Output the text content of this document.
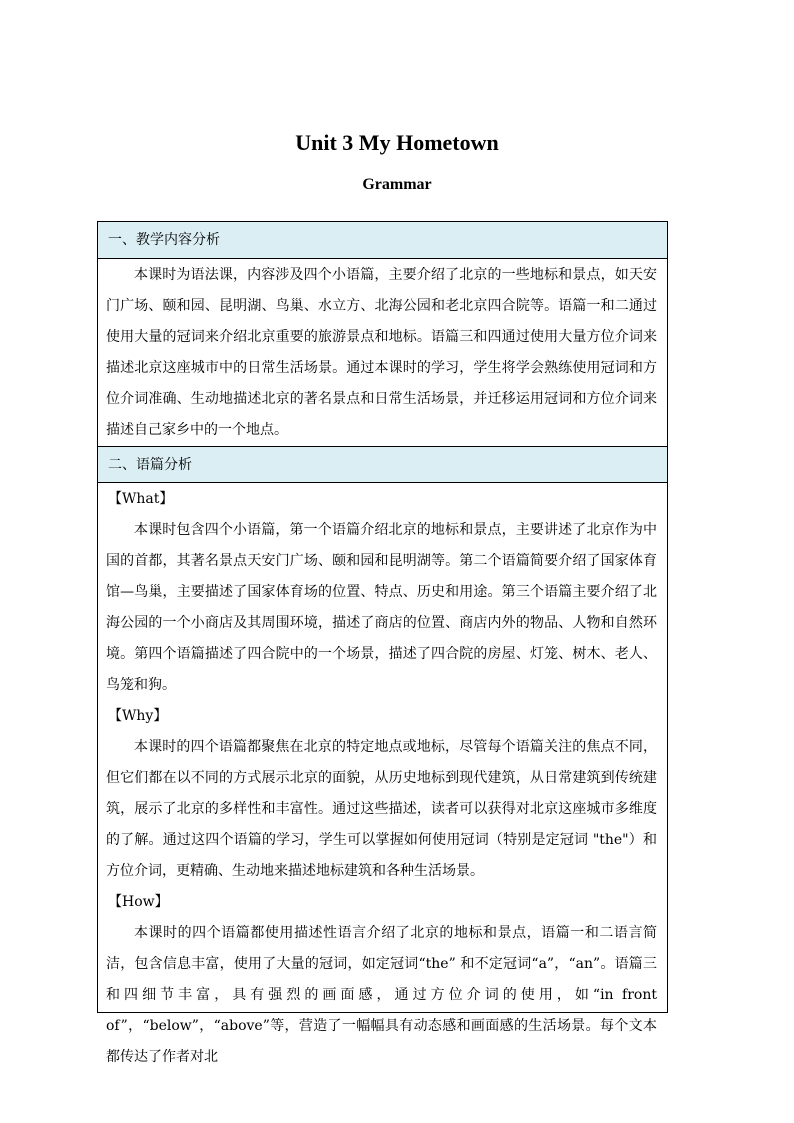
Unit 3 My Hometown
Grammar
一、教学内容分析

本课时为语法课，内容涉及四个小语篇，主要介绍了北京的一些地标和景点，如天安门广场、颐和园、昆明湖、鸟巢、水立方、北海公园和老北京四合院等。语篇一和二通过使用大量的冠词来介绍北京重要的旅游景点和地标。语篇三和四通过使用大量方位介词来描述北京这座城市中的日常生活场景。通过本课时的学习，学生将学会熟练使用冠词和方位介词准确、生动地描述北京的著名景点和日常生活场景，并迁移运用冠词和方位介词来描述自己家乡中的一个地点。

二、语篇分析

【What】

本课时包含四个小语篇，第一个语篇介绍北京的地标和景点，主要讲述了北京作为中国的首都，其著名景点天安门广场、颐和园和昆明湖等。第二个语篇简要介绍了国家体育馆—鸟巢，主要描述了国家体育场的位置、特点、历史和用途。第三个语篇主要介绍了北海公园的一个小商店及其周围环境，描述了商店的位置、商店内外的物品、人物和自然环境。第四个语篇描述了四合院中的一个场景，描述了四合院的房屋、灯笼、树木、老人、鸟笼和狗。

【Why】

本课时的四个语篇都聚焦在北京的特定地点或地标，尽管每个语篇关注的焦点不同，但它们都在以不同的方式展示北京的面貌，从历史地标到现代建筑，从日常建筑到传统建筑，展示了北京的多样性和丰富性。通过这些描述，读者可以获得对北京这座城市多维度的了解。通过这四个语篇的学习，学生可以掌握如何使用冠词（特别是定冠词 "the"）和方位介词，更精确、生动地来描述地标建筑和各种生活场景。

【How】

本课时的四个语篇都使用描述性语言介绍了北京的地标和景点，语篇一和二语言简洁，包含信息丰富，使用了大量的冠词，如定冠词“the” 和不定冠词“a”，“an”。语篇三和四细节丰富，具有强烈的画面感，通过方位介词的使用，如“in front of”，“below”，“above”等，营造了一幅幅具有动态感和画面感的生活场景。每个文本都传达了作者对北
